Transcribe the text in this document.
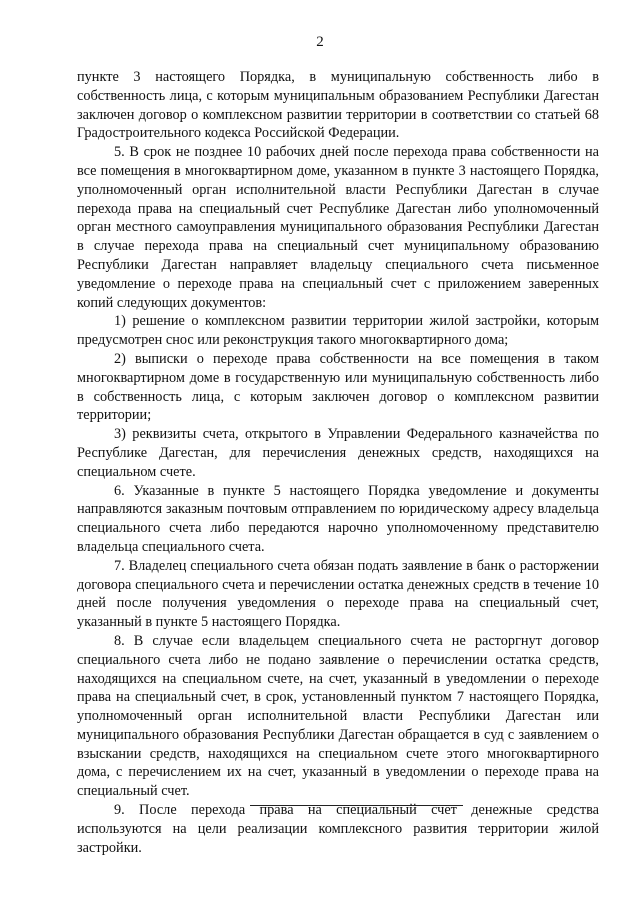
2

пункте 3 настоящего Порядка, в муниципальную собственность либо в собственность лица, с которым муниципальным образованием Республики Дагестан заключен договор о комплексном развитии территории в соответствии со статьей 68 Градостроительного кодекса Российской Федерации.

5. В срок не позднее 10 рабочих дней после перехода права собственности на все помещения в многоквартирном доме, указанном в пункте 3 настоящего Порядка, уполномоченный орган исполнительной власти Республики Дагестан в случае перехода права на специальный счет Республике Дагестан либо уполномоченный орган местного самоуправления муниципального образования Республики Дагестан в случае перехода права на специальный счет муниципальному образованию Республики Дагестан направляет владельцу специального счета письменное уведомление о переходе права на специальный счет с приложением заверенных копий следующих документов:

1) решение о комплексном развитии территории жилой застройки, которым предусмотрен снос или реконструкция такого многоквартирного дома;

2) выписки о переходе права собственности на все помещения в таком многоквартирном доме в государственную или муниципальную собственность либо в собственность лица, с которым заключен договор о комплексном развитии территории;

3) реквизиты счета, открытого в Управлении Федерального казначейства по Республике Дагестан, для перечисления денежных средств, находящихся на специальном счете.

6. Указанные в пункте 5 настоящего Порядка уведомление и документы направляются заказным почтовым отправлением по юридическому адресу владельца специального счета либо передаются нарочно уполномоченному представителю владельца специального счета.

7. Владелец специального счета обязан подать заявление в банк о расторжении договора специального счета и перечислении остатка денежных средств в течение 10 дней после получения уведомления о переходе права на специальный счет, указанный в пункте 5 настоящего Порядка.

8. В случае если владельцем специального счета не расторгнут договор специального счета либо не подано заявление о перечислении остатка средств, находящихся на специальном счете, на счет, указанный в уведомлении о переходе права на специальный счет, в срок, установленный пунктом 7 настоящего Порядка, уполномоченный орган исполнительной власти Республики Дагестан или муниципального образования Республики Дагестан обращается в суд с заявлением о взыскании средств, находящихся на специальном счете этого многоквартирного дома, с перечислением их на счет, указанный в уведомлении о переходе права на специальный счет.

9. После перехода права на специальный счет денежные средства используются на цели реализации комплексного развития территории жилой застройки.
